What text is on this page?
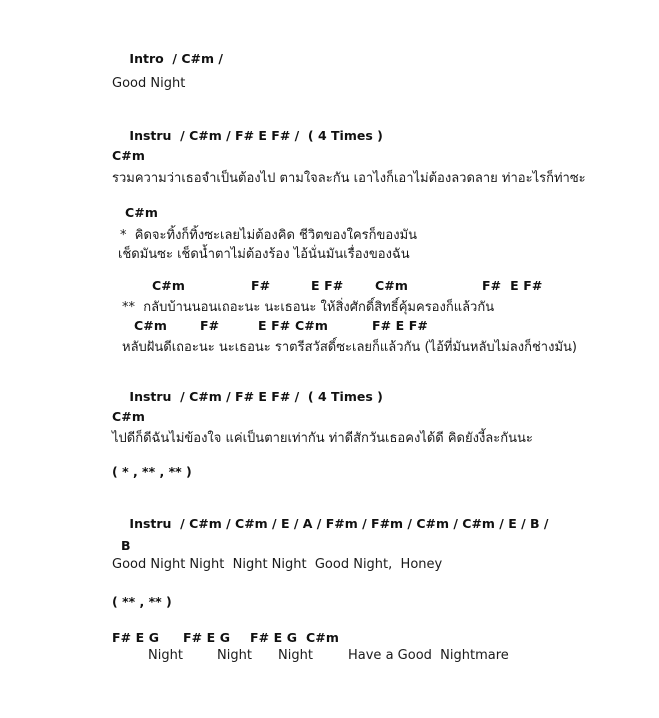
Intro / C#m /

Good Night

Instru / C#m / F# E F# /  ( 4 Times )

C#m
รวมความว่าเธอจำเป็นต้องไป ตามใจละกัน เอาไงก็เอาไม่ต้องลวดลาย ท่าอะไรก็ท่าซะ
C#m
*  คิดจะทิ้งก็ทิ้งซะเลยไม่ต้องคิด ชีวิตของใครก็ของมัน
เช็ดมันซะ เช็ดน้ำตาไม่ต้องร้อง ไอ้นั่นมันเรื่องของฉัน
C#m	F#	E F#	C#m	F#  E F#
**  กลับบ้านนอนเถอะนะ นะเธอนะ ให้สิ่งศักดิ์สิทธิ์คุ้มครองก็แล้วกัน
C#m	F#	E F# C#m	F# E F#
หลับฝันดีเถอะนะ นะเธอนะ ราตรีสวัสดิ์ซะเลยก็แล้วกัน (ไอ้ที่มันหลับไม่ลงก็ช่างมัน)

Instru / C#m / F# E F# /  ( 4 Times )

C#m
ไปดีก็ดีฉันไม่ข้องใจ แค่เป็นตายเท่ากัน ท่าดีสักวันเธอคงได้ดี คิดยังงี้ละกันนะ
( * , ** , ** )

Instru / C#m / C#m / E / A / F#m / F#m / C#m / C#m / E / B /

B
Good Night Night  Night Night  Good Night,  Honey
( ** , ** )
F# E G F# E G F# E G C#m
Night	Night Night	Have a Good  Nightmare
